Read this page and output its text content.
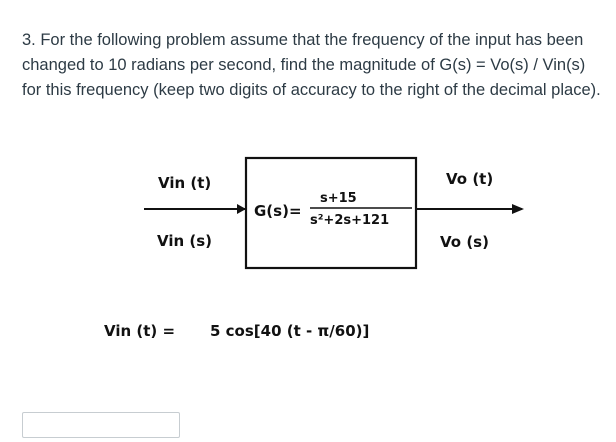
3. For the following problem assume that the frequency of the input has been changed to 10 radians per second, find the magnitude of G(s) = Vo(s) / Vin(s) for this frequency (keep two digits of accuracy to the right of the decimal place).

Vin (t)
Vin (s)
Vo (t)
Vo (s)
G(s)=
s+15
s²+2s+121
Vin (t) = 5 cos[40 (t - π/60)]
